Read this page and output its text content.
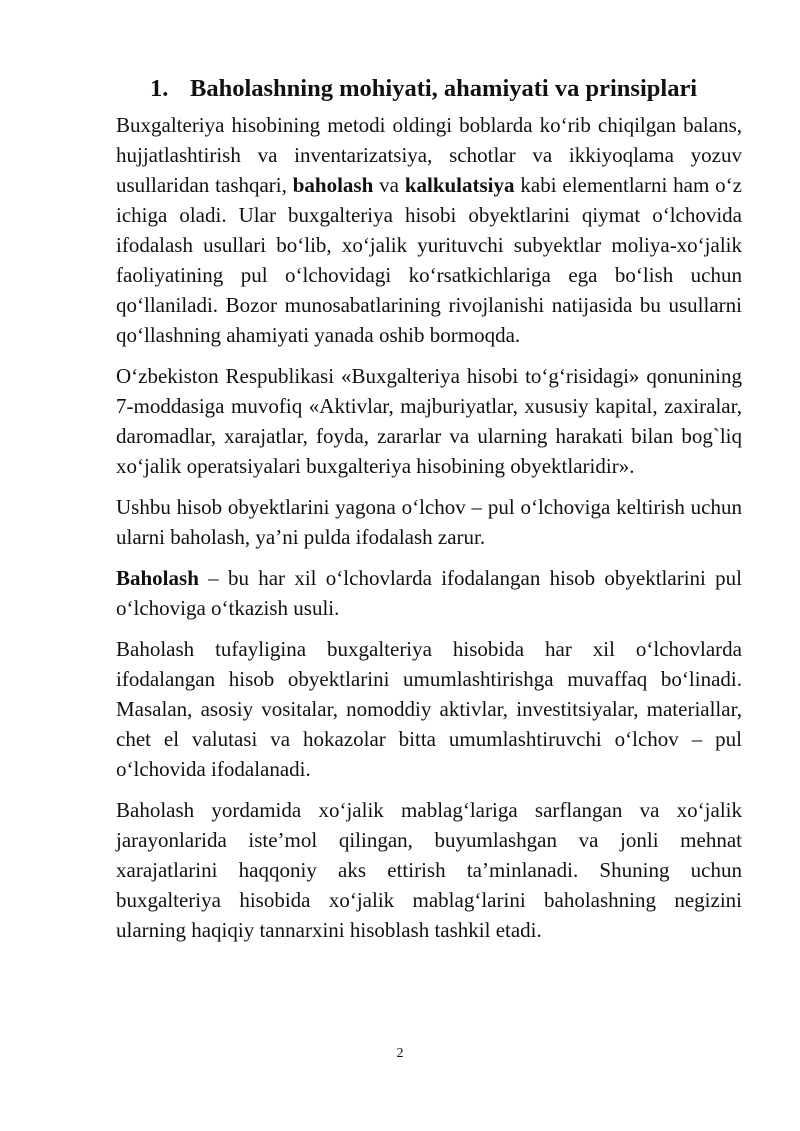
1. Baholashning mohiyati, ahamiyati va prinsiplari

Buxgalteriya hisobining metodi oldingi boblarda ko‘rib chiqilgan balans, hujjatlashtirish va inventarizatsiya, schotlar va ikkiyoqlama yozuv usullaridan tashqari, baholash va kalkulatsiya kabi elementlarni ham o‘z ichiga oladi. Ular buxgalteriya hisobi obyektlarini qiymat o‘lchovida ifodalash usullari bo‘lib, xo‘jalik yurituvchi subyektlar moliya-xo‘jalik faoliyatining pul o‘lchovidagi ko‘rsatkichlariga ega bo‘lish uchun qo‘llaniladi. Bozor munosabatlarining rivojlanishi natijasida bu usullarni qo‘llashning ahamiyati yanada oshib bormoqda.

O‘zbekiston Respublikasi «Buxgalteriya hisobi to‘g‘risidagi» qonunining 7-moddasiga muvofiq «Aktivlar, majburiyatlar, xususiy kapital, zaxiralar, daromadlar, xarajatlar, foyda, zararlar va ularning harakati bilan bog`liq xo‘jalik operatsiyalari buxgalteriya hisobining obyektlaridir».

Ushbu hisob obyektlarini yagona o‘lchov – pul o‘lchoviga keltirish uchun ularni baholash, ya’ni pulda ifodalash zarur.

Baholash – bu har xil o‘lchovlarda ifodalangan hisob obyektlarini pul o‘lchoviga o‘tkazish usuli.

Baholash tufayligina buxgalteriya hisobida har xil o‘lchovlarda ifodalangan hisob obyektlarini umumlashtirishga muvaffaq bo‘linadi. Masalan, asosiy vositalar, nomoddiy aktivlar, investitsiyalar, materiallar, chet el valutasi va hokazolar bitta umumlashtiruvchi o‘lchov – pul o‘lchovida ifodalanadi.

Baholash yordamida xo‘jalik mablag‘lariga sarflangan va xo‘jalik jarayonlarida iste’mol qilingan, buyumlashgan va jonli mehnat xarajatlarini haqqoniy aks ettirish ta’minlanadi. Shuning uchun buxgalteriya hisobida xo‘jalik mablag‘larini baholashning negizini ularning haqiqiy tannarxini hisoblash tashkil etadi.

2
